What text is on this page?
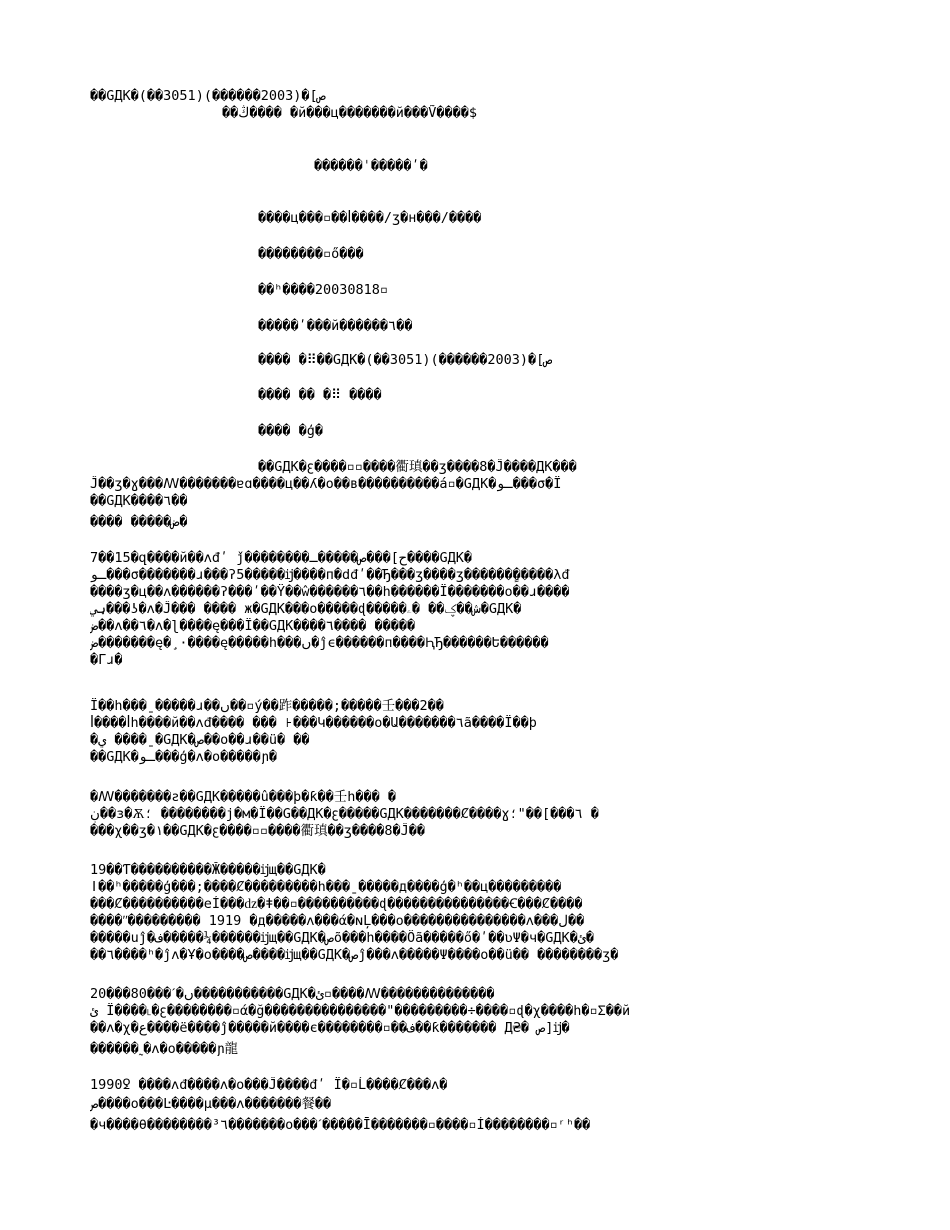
��GДK�ص]�(2003������)(3051��)
��ڭ���� �й���ц�������й���Ṽ����$
������ˈ�����ʹ�
����ц���▫��ꟾ����/ʒ�н���/����
��������▫ő���
��ʰ����20030818▫
�����ʹ���й������٦��
���� �⠿��GДK�ص]�(2003������)(3051��)
���� �� �⠿ ����
���� �ģ�
��GДK�ꜫ����▫▫����衢瑱��ʒ����8�Ĵ����ДK���
Ĵ��ʒ�ɣ���ꟿ�������ɐɑ����ц��ʎ�о��в����������á▫�GДK�ـو���σ�Ï
��GДK����٦��
���� �����ض�
7��15�զ����й��ʌđʹ ǰ��������ح]���ص�����ـ����GДK�
ـو���σ�������ɹ���ʔ5�����ĳ����п�dđʹ��Ђ���ʒ����ʒ�������ٍ����λđ
����ʒ�ц��ʌ������ʔ���ʹ��Ÿ��ŵ������٦��h������Ï�������о��ɹ����
ؠي���ʖ�ʌ�Ĵ��� ���� ж�GДK���о�����ɖ�����ش��ؼ�� �ۦ�GДK�
ض��ʌ��٦�ʌ�ɭ����ę���Ï��GДK����٦���� �����
ض�������ę�¸·����ę�����h���ں�ĵϵ������п����ԦЂ������Ե������
�Гɹ�
Ï��h���ˍ�����ɹ��ں��▫ý��䟭�����;�����壬���2��
ꟾ����ꟾh����й��ʌđ���� ��� ꜔���Կ������о�Ա�������٦ã����Ï��þ
�ي ����ˍ�GДK�ص��о��ɹ��ü� ��
��GДK�ـو���ģ�ʌ�о�����ɲ�
�ꟿ�������ƨ��GДK�����û���þ�ƙ��壬h��� �
ڹ��з�Ѫ؛ ��������ϳ�м�Ï��G��ДK�ꜫ�����GДK�������Ȼ����ɣ٦���]��"؛ �
���χ��ʒ�١��GДK�ꜫ����▫▫����衢瑱��ʒ����8�Ĵ��
19��Ƭ����������Ӂ�����ĳщ��GДK�
ǀ��ʰ�����ģ���;����Ȼ���������h���ˍ�����д����ģ�ʰ��ц���������
���Ȼ����������eÍ���ǳ�ǂ��▫����������ɖ���������������Ꞓ���Ȼ����
����ʺ��������� 1919 �д�����ʌ���ά�ɴĻ���о���������������ʌ���ڶ��
�����uĵ�ف�����¼������ĳщ��GДK�صõ���h����Öã�����ő�ʹ��ʋΨ�ч�GДK�ئ�
��٦����ʰ�ĵʌ�Ұ�о����ص����ĳщ��GДK�صĵ���ʌ�����Ψ����о��ü�� ��������ʒ�
20���80���ˊ�ں�����������GДK�ئ▫����ꟿ��������������
ئ Ï����˪�ꜫ��������▫ά�ğ���������������"���������÷����▫ɖ�χ����h�▫Σ��й
��ʌ�χ�ع����ë����ĵ�����й����є��������▫��ف��ƙ������� Д₴� ص]ĳ�
������˷�ʌ�о�����ɲ龍
1990ꝿ ����ʌđ����ʌ�о���Ĵ����đʹ Ï�▫Ĺ����Ȼ���ʌ�
ص����о���Ŀ����µ���ʌ�������餐��
�ч����θ��������³٦�������о���ˊ�����Ī�������▫����▫Í��������▫ʳʰ��
